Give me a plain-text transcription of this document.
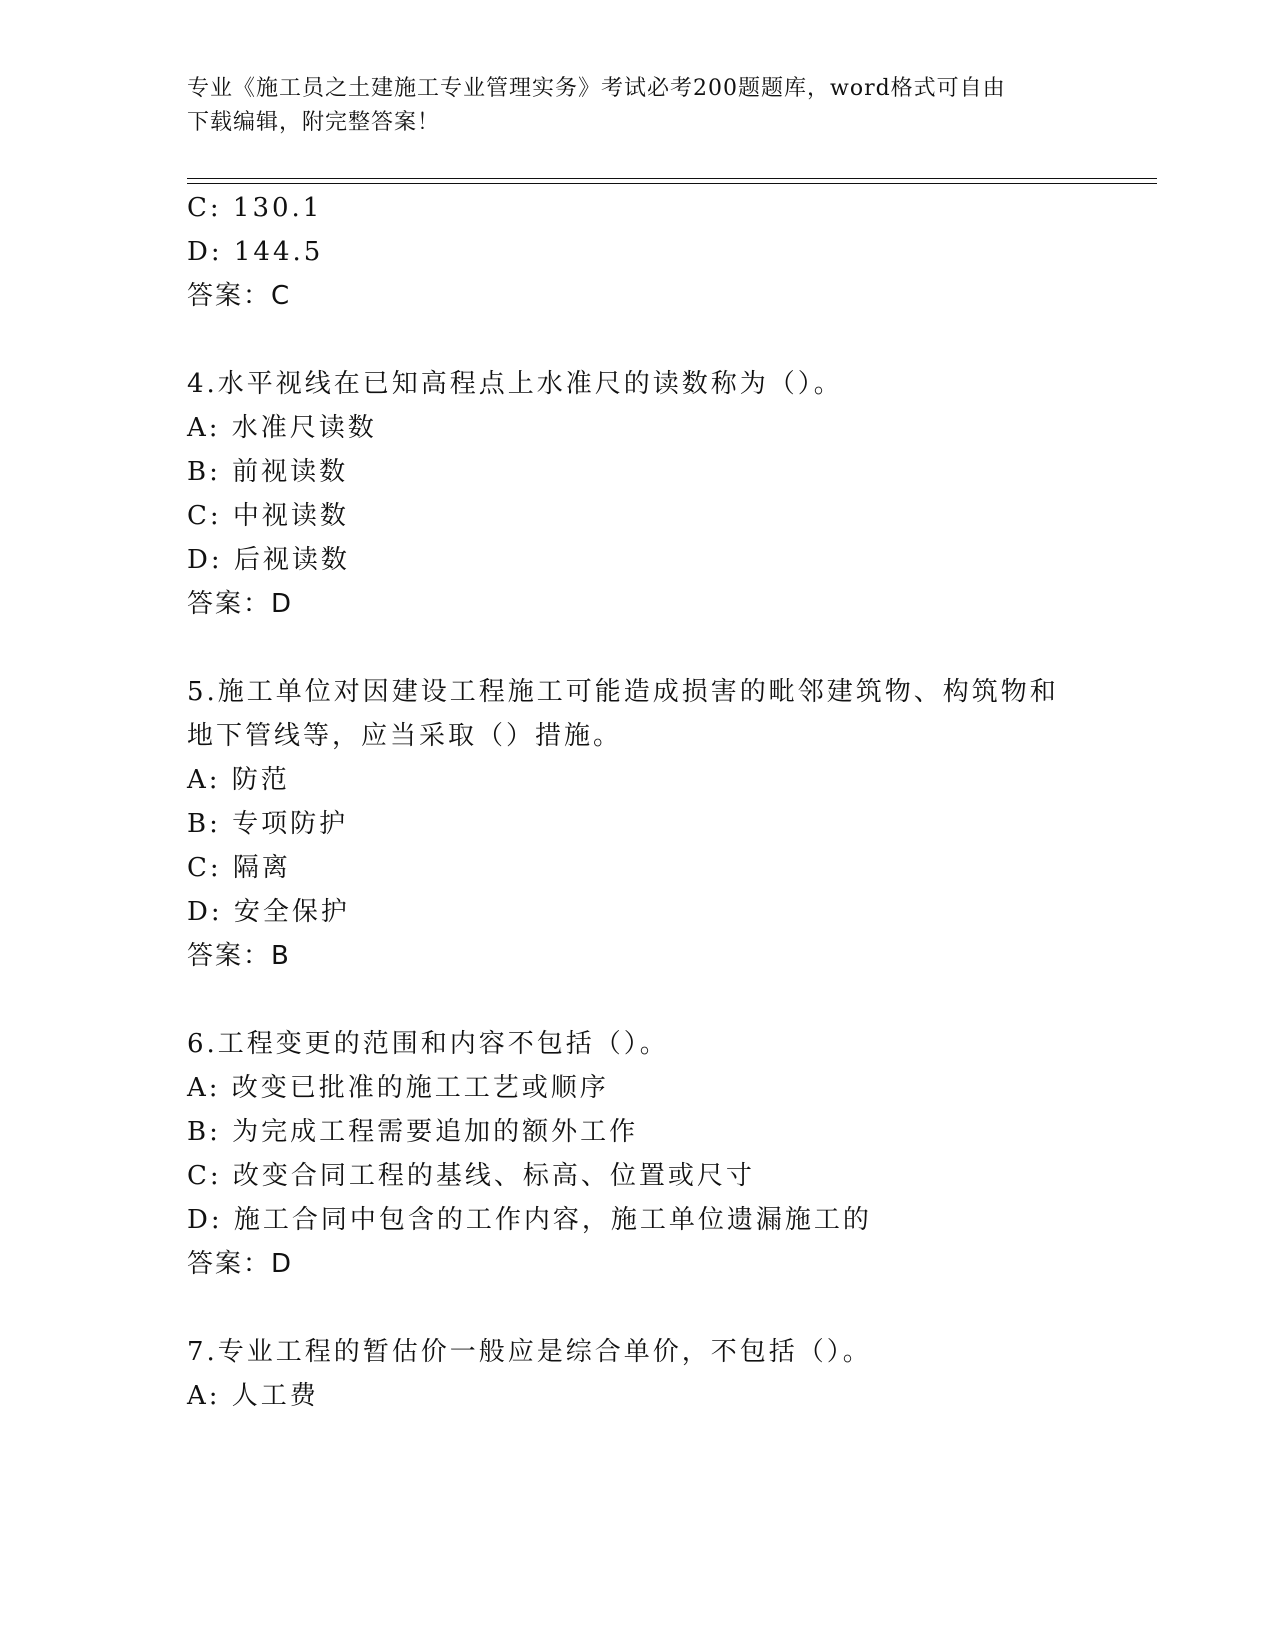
专业《施工员之土建施工专业管理实务》考试必考200题题库，word格式可自由
下载编辑，附完整答案！
C: 130.1
D: 144.5
答案：C
4.水平视线在已知高程点上水准尺的读数称为（）。
A: 水准尺读数
B: 前视读数
C: 中视读数
D: 后视读数
答案：D
5.施工单位对因建设工程施工可能造成损害的毗邻建筑物、构筑物和
地下管线等，应当采取（）措施。
A: 防范
B: 专项防护
C: 隔离
D: 安全保护
答案：B
6.工程变更的范围和内容不包括（）。
A: 改变已批准的施工工艺或顺序
B: 为完成工程需要追加的额外工作
C: 改变合同工程的基线、标高、位置或尺寸
D: 施工合同中包含的工作内容，施工单位遗漏施工的
答案：D
7.专业工程的暂估价一般应是综合单价，不包括（）。
A: 人工费
